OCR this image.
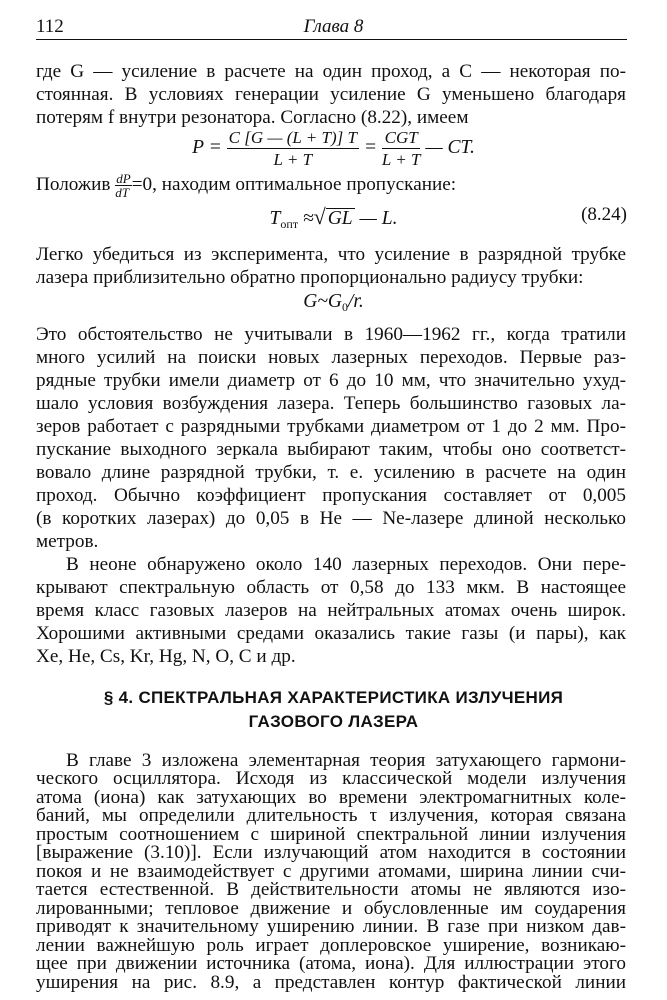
112	Глава 8
где G — усиление в расчете на один проход, а C — некоторая по-
стоянная. В условиях генерации усиление G уменьшено благодаря
потерям f внутри резонатора. Согласно (8.22), имеем
$P = \frac{C [G — (L + T)] T}{L + T} = \frac{\text{CGT}}{L + T}$ — CT.
Положив $\frac{dP}{dT} =0$, находим оптимальное пропускание:
$T_{опт}$ ≈√ GL — L.	(8.24)
Легко убедиться из эксперимента, что усиление в разрядной трубке
лазера приблизительно обратно пропорционально радиусу трубки:
$G\sim G_0/r$.
Это обстоятельство не учитывали в 1960—1962 гг., когда тратили
много усилий на поиски новых лазерных переходов. Первые раз-
рядные трубки имели диаметр от 6 до 10 мм, что значительно ухуд-
шало условия возбуждения лазера. Теперь большинство газовых ла-
зеров работает с разрядными трубками диаметром от 1 до 2 мм. Про-
пускание выходного зеркала выбирают таким, чтобы оно соответст-
вовало длине разрядной трубки, т. е. усилению в расчете на один
проход. Обычно коэффициент пропускания составляет от 0,005
(в коротких лазерах) до 0,05 в He — Ne-лазере длиной несколько
метров.
В неоне обнаружено около 140 лазерных переходов. Они пере-
крывают спектральную область от 0,58 до 133 мкм. В настоящее
время класс газовых лазеров на нейтральных атомах очень широк.
Хорошими активными средами оказались такие газы (и пары), как
Xe, He, Cs, Kr, Hg, N, O, C и др.
§ 4. СПЕКТРАЛЬНАЯ ХАРАКТЕРИСТИКА ИЗЛУЧЕНИЯ
ГАЗОВОГО ЛАЗЕРА
В главе 3 изложена элементарная теория затухающего гармони-
ческого осциллятора. Исходя из классической модели излучения
атома (иона) как затухающих во времени электромагнитных коле-
баний, мы определили длительность τ излучения, которая связана
простым соотношением с шириной спектральной линии излучения
[выражение (3.10)]. Если излучающий атом находится в состоянии
покоя и не взаимодействует с другими атомами, ширина линии счи-
тается естественной. В действительности атомы не являются изо-
лированными; тепловое движение и обусловленные им соударения
приводят к значительному уширению линии. В газе при низком дав-
лении важнейшую роль играет доплеровское уширение, возникаю-
щее при движении источника (атома, иона). Для иллюстрации этого
уширения на рис. 8.9, а представлен контур фактической линии
